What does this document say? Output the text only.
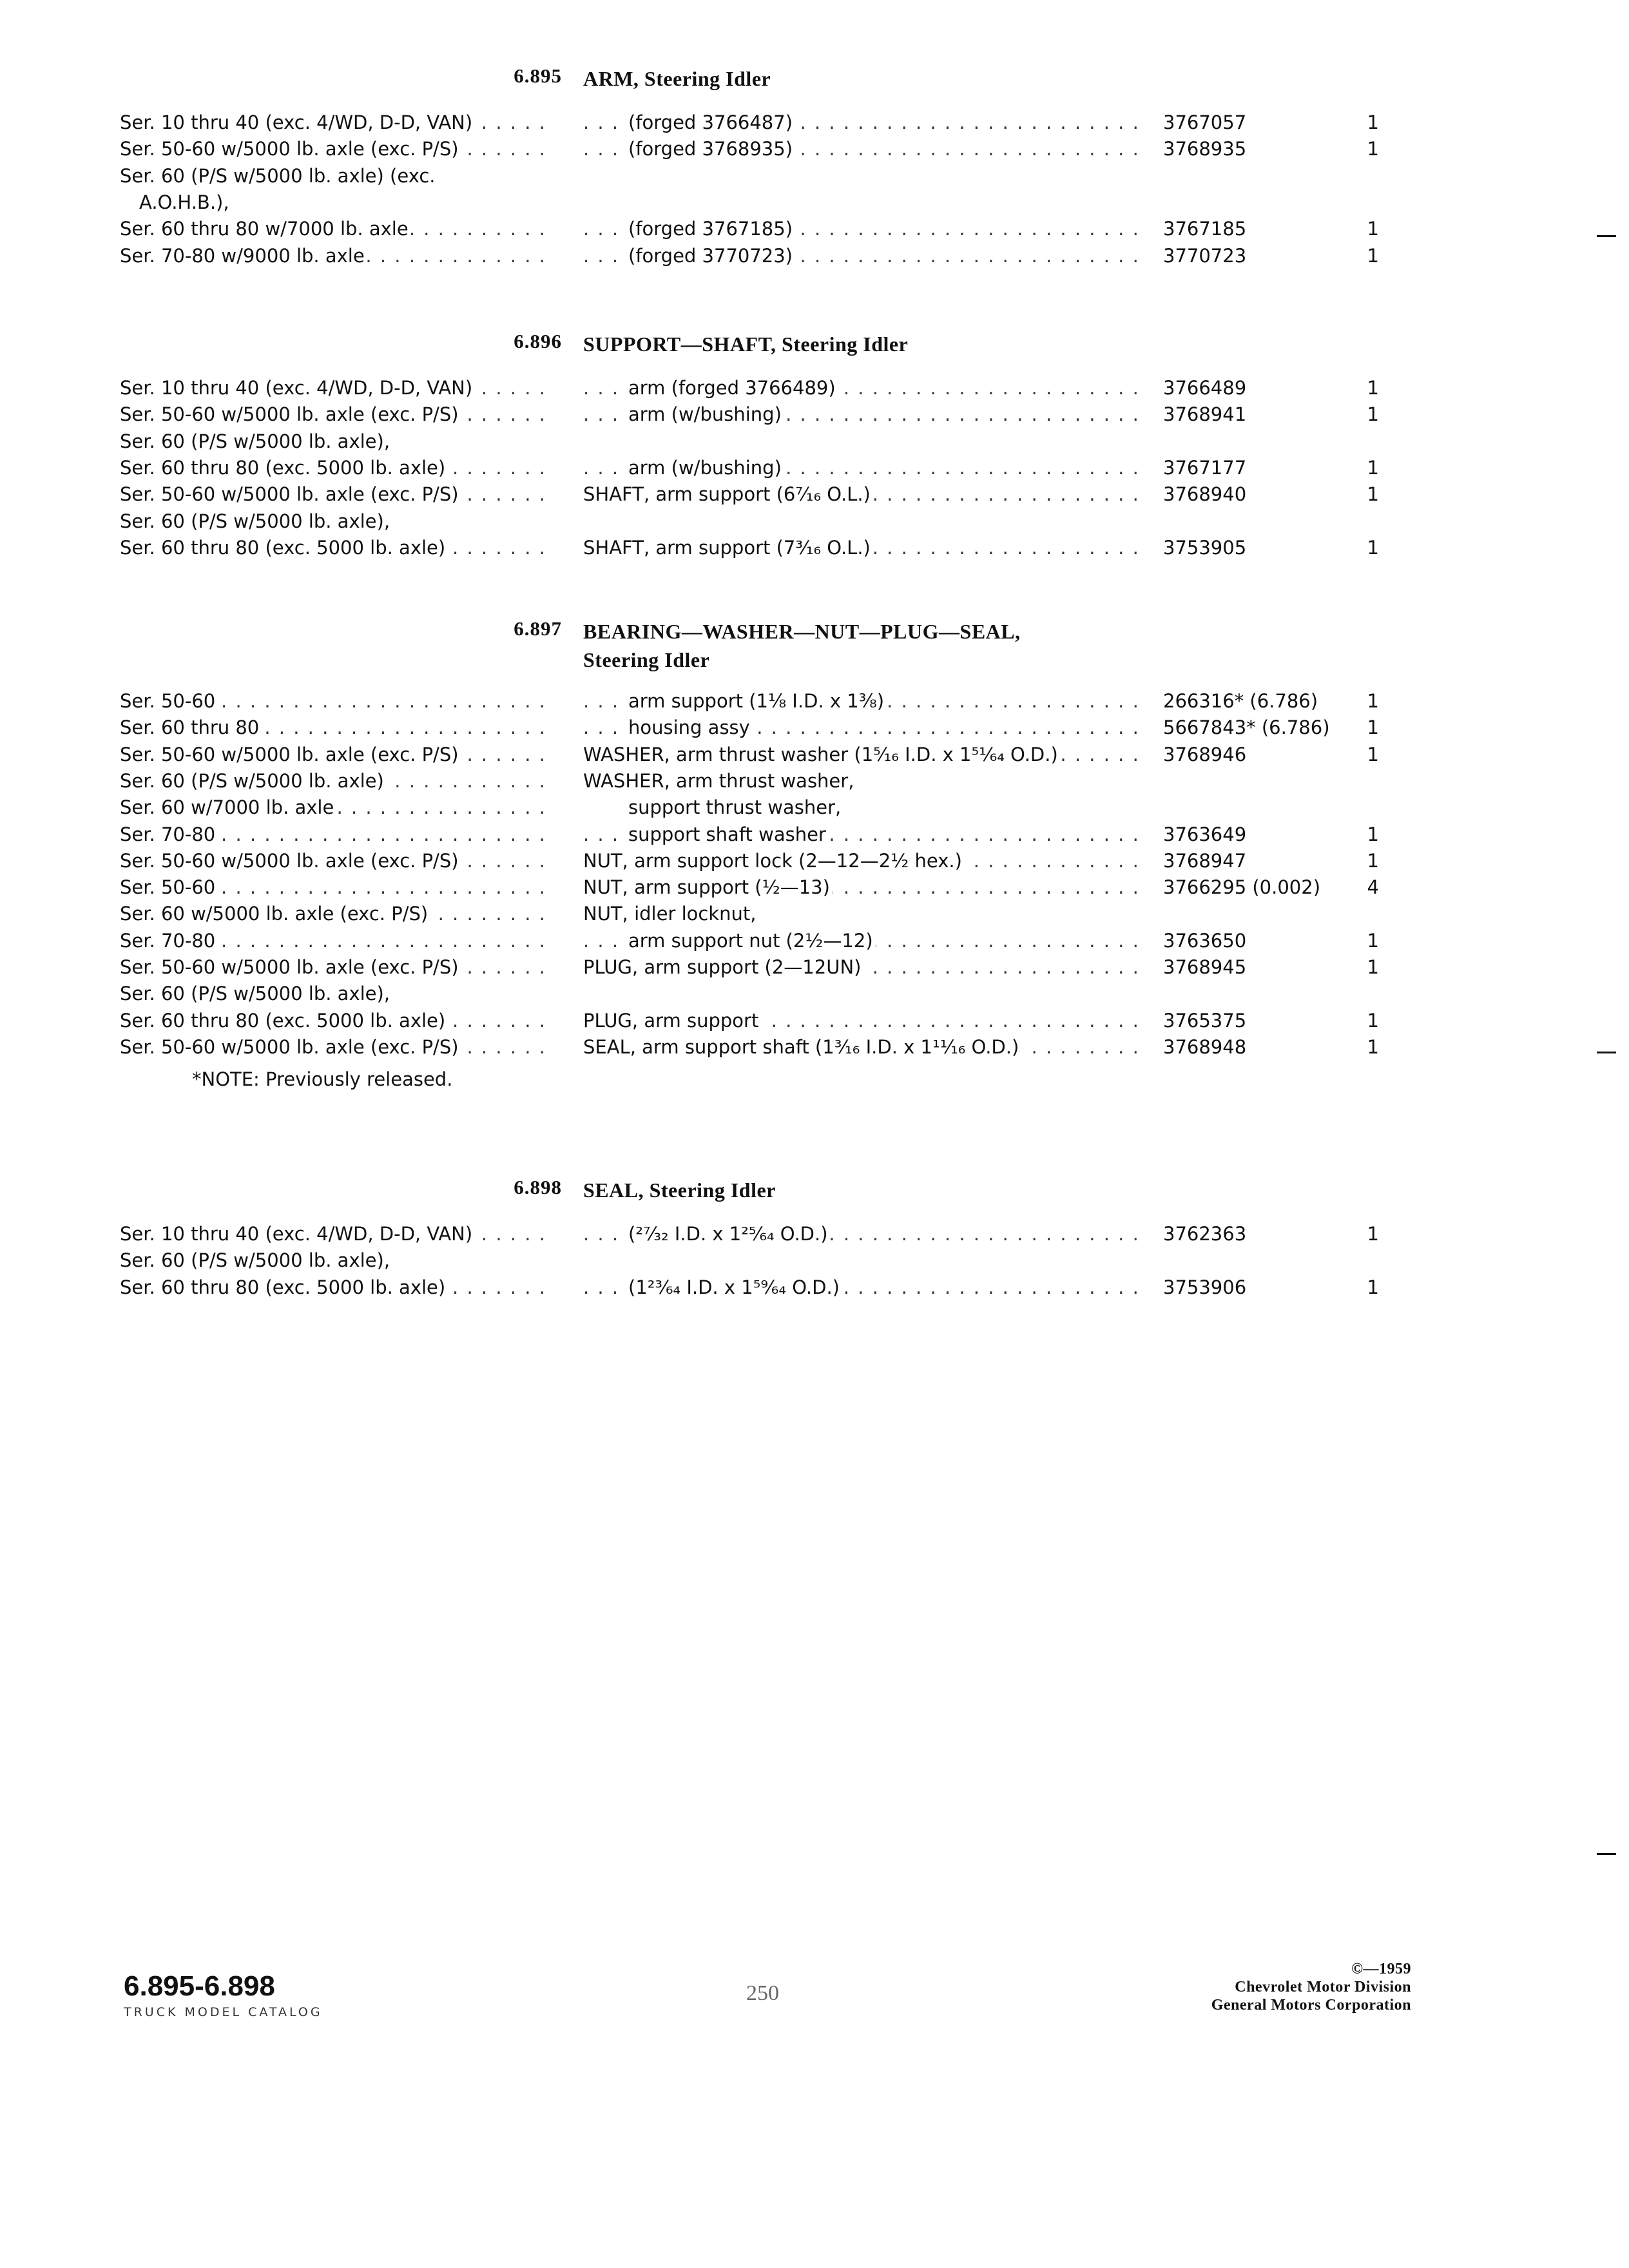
6.895 ARM, Steering Idler
Ser. 10 thru 40 (exc. 4/WD, D-D, VAN) . . .	(forged 3766487) . . .	3767057	1
Ser. 50-60 w/5000 lb. axle (exc. P/S) . . .	(forged 3768935) . . .	3768935	1
Ser. 60 (P/S w/5000 lb. axle) (exc.
A.O.H.B.),
Ser. 60 thru 80 w/7000 lb. axle . . .	(forged 3767185) . . .	3767185	1
Ser. 70-80 w/9000 lb. axle . . .	(forged 3770723) . . .	3770723	1
6.896 SUPPORT—SHAFT, Steering Idler
Ser. 10 thru 40 (exc. 4/WD, D-D, VAN) . . .	arm (forged 3766489) . . .	3766489	1
Ser. 50-60 w/5000 lb. axle (exc. P/S) . . .	arm (w/bushing) . . .	3768941	1
Ser. 60 (P/S w/5000 lb. axle),
Ser. 60 thru 80 (exc. 5000 lb. axle) . . .	arm (w/bushing) . . .	3767177	1
Ser. 50-60 w/5000 lb. axle (exc. P/S) . . .	SHAFT, arm support (6⁷⁄₁₆ O.L.) . . .	3768940	1
Ser. 60 (P/S w/5000 lb. axle),
Ser. 60 thru 80 (exc. 5000 lb. axle) . . .	SHAFT, arm support (7³⁄₁₆ O.L.) . . .	3753905	1
6.897 BEARING—WASHER—NUT—PLUG—SEAL,
Steering Idler
Ser. 50-60 . . .	arm support (1⅛ I.D. x 1⅜) . . .	266316* (6.786)	1
Ser. 60 thru 80 . . .	housing assy . . .	5667843* (6.786) 1
Ser. 50-60 w/5000 lb. axle (exc. P/S) . . .	WASHER, arm thrust washer (1⁵⁄₁₆ I.D. x 1⁵¹⁄₆₄ O.D.) . . .	3768946	1
Ser. 60 (P/S w/5000 lb. axle) . . .	WASHER, arm thrust washer,
Ser. 60 w/7000 lb. axle . . .	support thrust washer,
Ser. 70-80 . . .	support shaft washer . . .	3763649	1
Ser. 50-60 w/5000 lb. axle (exc. P/S) . . .	NUT, arm support lock (2—12—2½ hex.) . . .	3768947	1
Ser. 50-60 . . .	NUT, arm support (½—13) . . .	3766295 (0.002)	4
Ser. 60 w/5000 lb. axle (exc. P/S) . . .	NUT, idler locknut,
Ser. 70-80 . . .	arm support nut (2½—12) . . .	3763650	1
Ser. 50-60 w/5000 lb. axle (exc. P/S) . . .	PLUG, arm support (2—12UN) . . .	3768945	1
Ser. 60 (P/S w/5000 lb. axle),
Ser. 60 thru 80 (exc. 5000 lb. axle) . . .	PLUG, arm support . . .	3765375	1
Ser. 50-60 w/5000 lb. axle (exc. P/S) . . .	SEAL, arm support shaft (1³⁄₁₆ I.D. x 1¹¹⁄₁₆ O.D.) . . .	3768948	1
*NOTE: Previously released.
6.898 SEAL, Steering Idler
Ser. 10 thru 40 (exc. 4/WD, D-D, VAN) . . .	(²⁷⁄₃₂ I.D. x 1²⁵⁄₆₄ O.D.) . . .	3762363	1
Ser. 60 (P/S w/5000 lb. axle),
Ser. 60 thru 80 (exc. 5000 lb. axle) . . .	(1²³⁄₆₄ I.D. x 1⁵⁹⁄₆₄ O.D.) . . .	3753906	1
6.895-6.898
TRUCK MODEL CATALOG
250
©—1959
Chevrolet Motor Division
General Motors Corporation
